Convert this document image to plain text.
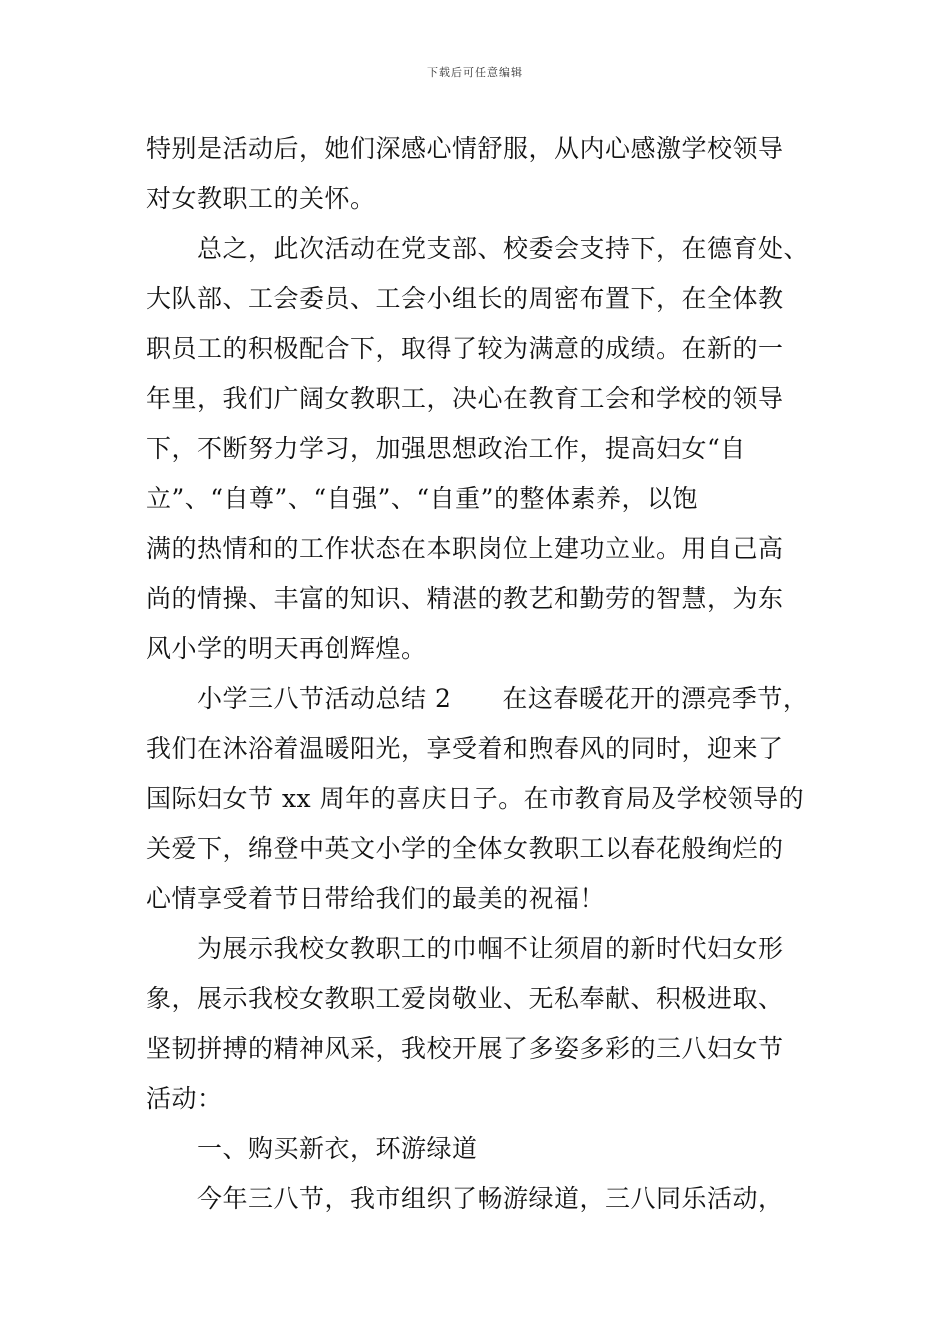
下载后可任意编辑
特别是活动后，她们深感心情舒服，从内心感激学校领导
对女教职工的关怀。
　　总之，此次活动在党支部、校委会支持下，在德育处、
大队部、工会委员、工会小组长的周密布置下，在全体教
职员工的积极配合下，取得了较为满意的成绩。在新的一
年里，我们广阔女教职工，决心在教育工会和学校的领导
下，不断努力学习，加强思想政治工作，提高妇女“自
立”、“自尊”、“自强”、“自重”的整体素养，以饱
满的热情和的工作状态在本职岗位上建功立业。用自己高
尚的情操、丰富的知识、精湛的教艺和勤劳的智慧，为东
风小学的明天再创辉煌。
　　小学三八节活动总结 2　　在这春暖花开的漂亮季节，
我们在沐浴着温暖阳光，享受着和煦春风的同时，迎来了
国际妇女节 xx 周年的喜庆日子。在市教育局及学校领导的
关爱下，绵登中英文小学的全体女教职工以春花般绚烂的
心情享受着节日带给我们的最美的祝福！
　　为展示我校女教职工的巾帼不让须眉的新时代妇女形
象，展示我校女教职工爱岗敬业、无私奉献、积极进取、
坚韧拼搏的精神风采，我校开展了多姿多彩的三八妇女节
活动：
　　一、购买新衣，环游绿道
　　今年三八节，我市组织了畅游绿道，三八同乐活动，
